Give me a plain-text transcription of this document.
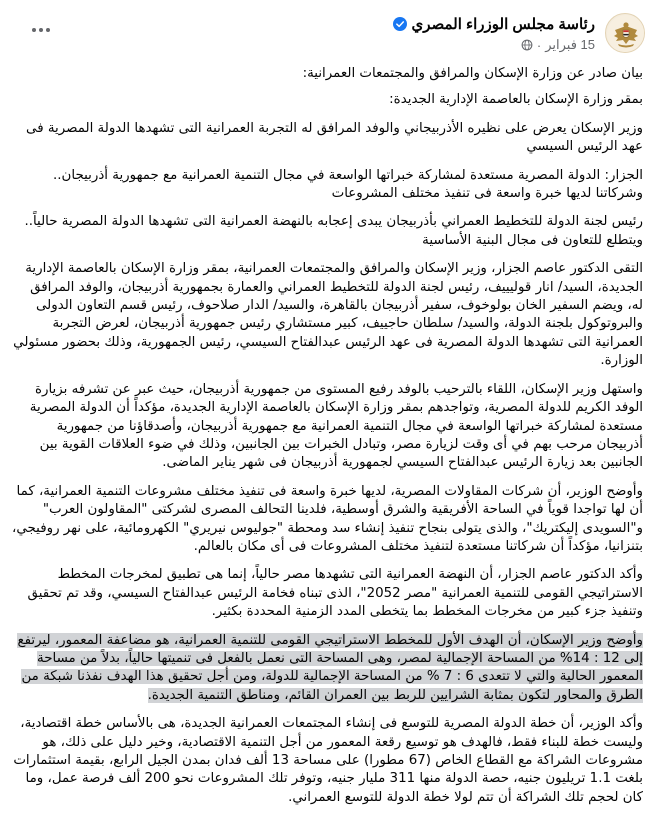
رئاسة مجلس الوزراء المصري
15 فبراير
·

بيان صادر عن وزارة الإسكان والمرافق والمجتمعات العمرانية:

بمقر وزارة الإسكان بالعاصمة الإدارية الجديدة:

وزير الإسكان يعرض على نظيره الأذربيجاني والوفد المرافق له التجربة العمرانية التى تشهدها الدولة المصرية فى عهد الرئيس السيسي

الجزار: الدولة المصرية مستعدة لمشاركة خبراتها الواسعة في مجال التنمية العمرانية مع جمهورية أذربيجان.. وشركاتنا لديها خبرة واسعة فى تنفيذ مختلف المشروعات

رئيس لجنة الدولة للتخطيط العمراني بأذربيجان يبدى إعجابه بالنهضة العمرانية التى تشهدها الدولة المصرية حالياً.. ويتطلع للتعاون فى مجال البنية الأساسية

التقى الدكتور عاصم الجزار، وزير الإسكان والمرافق والمجتمعات العمرانية، بمقر وزارة الإسكان بالعاصمة الإدارية الجديدة، السيد/ انار قوليييف، رئيس لجنة الدولة للتخطيط العمراني والعمارة بجمهورية أذربيجان، والوفد المرافق له، ويضم السفير الخان بولوخوف، سفير أذربيجان بالقاهرة، والسيد/ الدار صلاحوف، رئيس قسم التعاون الدولى والبروتوكول بلجنة الدولة، والسيد/ سلطان حاجييف، كبير مستشاري رئيس جمهورية أذربيجان، لعرض التجربة العمرانية التى تشهدها الدولة المصرية فى عهد الرئيس عبدالفتاح السيسي، رئيس الجمهورية، وذلك بحضور مسئولي الوزارة.

واستهل وزير الإسكان، اللقاء بالترحيب بالوفد رفيع المستوى من جمهورية أذربيجان، حيث عبر عن تشرفه بزيارة الوفد الكريم للدولة المصرية، وتواجدهم بمقر وزارة الإسكان بالعاصمة الإدارية الجديدة، مؤكداً أن الدولة المصرية مستعدة لمشاركة خبراتها الواسعة في مجال التنمية العمرانية مع جمهورية أذربيجان، وأصدقاؤنا من جمهورية أذربيجان مرحب بهم في أى وقت لزيارة مصر، وتبادل الخبرات بين الجانبين، وذلك في ضوء العلاقات القوية بين الجانبين بعد زيارة الرئيس عبدالفتاح السيسي لجمهورية أذربيجان فى شهر يناير الماضى.

وأوضح الوزير، أن شركات المقاولات المصرية، لديها خبرة واسعة فى تنفيذ مختلف مشروعات التنمية العمرانية، كما أن لها تواجدا قوياً في الساحة الأفريقية والشرق أوسطية، فلدينا التحالف المصرى لشركتى "المقاولون العرب" و"السويدى إليكتريك"، والذى يتولى بنجاح تنفيذ إنشاء سد ومحطة "جوليوس نيريري" الكهرومائية، على نهر روفيجي، بتنزانيا، مؤكداً أن شركاتنا مستعدة لتنفيذ مختلف المشروعات فى أى مكان بالعالم.

وأكد الدكتور عاصم الجزار، أن النهضة العمرانية التى تشهدها مصر حالياً، إنما هى تطبيق لمخرجات المخطط الاستراتيجي القومى للتنمية العمرانية "مصر 2052"، الذى تبناه فخامة الرئيس عبدالفتاح السيسي، وقد تم تحقيق وتنفيذ جزء كبير من مخرجات المخطط بما يتخطى المدد الزمنية المحددة بكثير.

وأوضح وزير الإسكان، أن الهدف الأول للمخطط الاستراتيجي القومى للتنمية العمرانية، هو مضاعفة المعمور، ليرتفع إلى 12 : 14% من المساحة الإجمالية لمصر، وهى المساحة التى نعمل بالفعل فى تنميتها حالياً، بدلاً من مساحة المعمور الحالية والتي لا تتعدى 6 : 7 % من المساحة الإجمالية للدولة، ومن أجل تحقيق هذا الهدف نفذنا شبكة من الطرق والمحاور لتكون بمثابة الشرايين للربط بين العمران القائم، ومناطق التنمية الجديدة.

وأكد الوزير، أن خطة الدولة المصرية للتوسع فى إنشاء المجتمعات العمرانية الجديدة، هى بالأساس خطة اقتصادية، وليست خطة للبناء فقط، فالهدف هو توسيع رقعة المعمور من أجل التنمية الاقتصادية، وخير دليل على ذلك، هو مشروعات الشراكة مع القطاع الخاص (67 مطورا) على مساحة 13 ألف فدان بمدن الجيل الرابع، بقيمة استثمارات بلغت 1.1 تريليون جنيه، حصة الدولة منها 311 مليار جنيه، وتوفر تلك المشروعات نحو 200 ألف فرصة عمل، وما كان لحجم تلك الشراكة أن تتم لولا خطة الدولة للتوسع العمراني.
